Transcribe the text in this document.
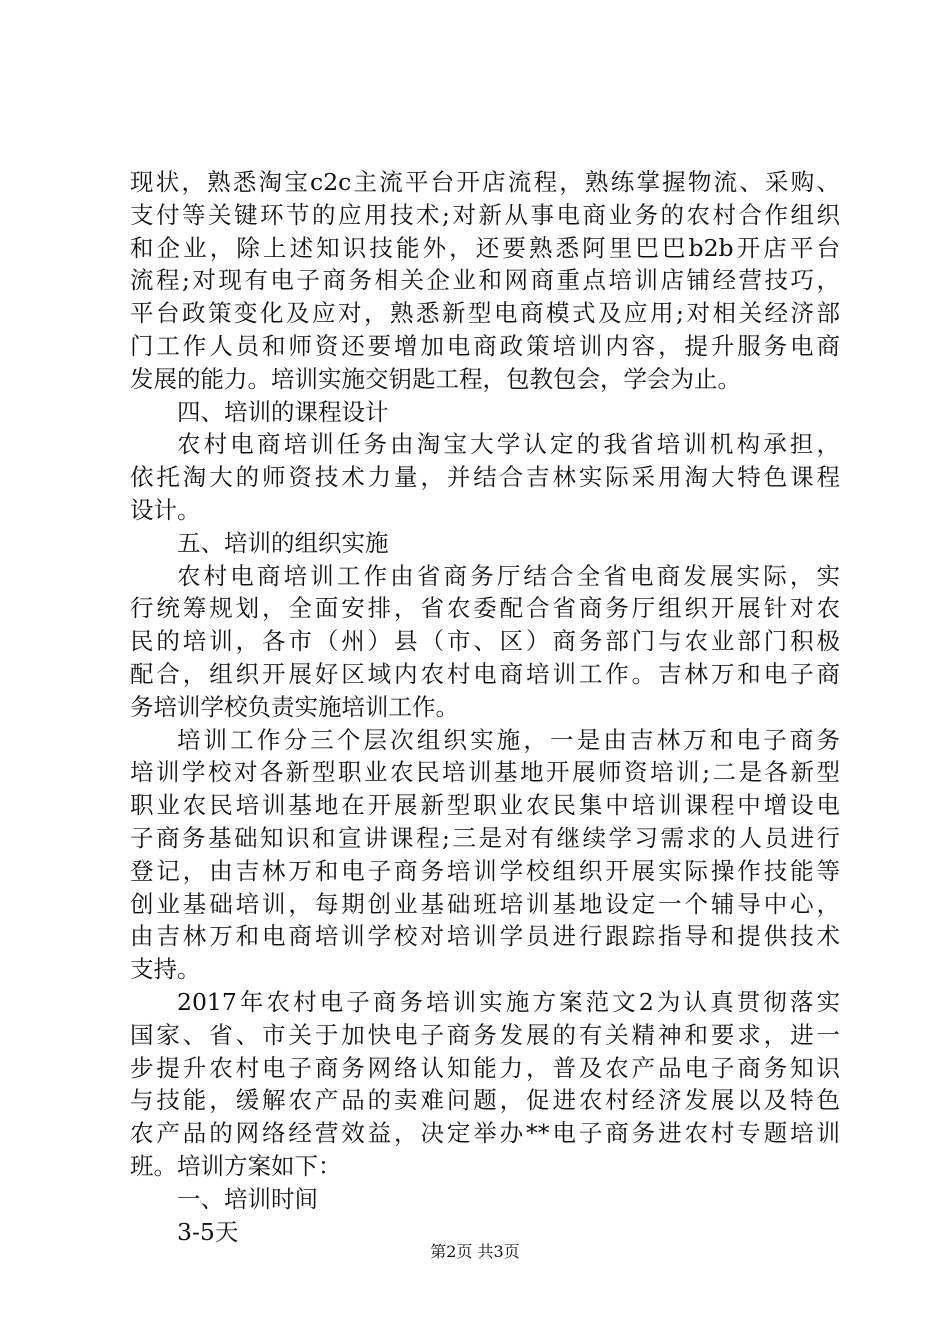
现状，熟悉淘宝c2c主流平台开店流程，熟练掌握物流、采购、
支付等关键环节的应用技术;对新从事电商业务的农村合作组织
和企业，除上述知识技能外，还要熟悉阿里巴巴b2b开店平台
流程;对现有电子商务相关企业和网商重点培训店铺经营技巧，
平台政策变化及应对，熟悉新型电商模式及应用;对相关经济部
门工作人员和师资还要增加电商政策培训内容，提升服务电商
发展的能力。培训实施交钥匙工程，包教包会，学会为止。
四、培训的课程设计
农村电商培训任务由淘宝大学认定的我省培训机构承担，
依托淘大的师资技术力量，并结合吉林实际采用淘大特色课程
设计。
五、培训的组织实施
农村电商培训工作由省商务厅结合全省电商发展实际，实
行统筹规划，全面安排，省农委配合省商务厅组织开展针对农
民的培训，各市（州）县（市、区）商务部门与农业部门积极
配合，组织开展好区域内农村电商培训工作。吉林万和电子商
务培训学校负责实施培训工作。
培训工作分三个层次组织实施，一是由吉林万和电子商务
培训学校对各新型职业农民培训基地开展师资培训;二是各新型
职业农民培训基地在开展新型职业农民集中培训课程中增设电
子商务基础知识和宣讲课程;三是对有继续学习需求的人员进行
登记，由吉林万和电子商务培训学校组织开展实际操作技能等
创业基础培训，每期创业基础班培训基地设定一个辅导中心，
由吉林万和电商培训学校对培训学员进行跟踪指导和提供技术
支持。
2017年农村电子商务培训实施方案范文2为认真贯彻落实
国家、省、市关于加快电子商务发展的有关精神和要求，进一
步提升农村电子商务网络认知能力，普及农产品电子商务知识
与技能，缓解农产品的卖难问题，促进农村经济发展以及特色
农产品的网络经营效益，决定举办**电子商务进农村专题培训
班。培训方案如下：
一、培训时间
3-5天
第2页 共3页
